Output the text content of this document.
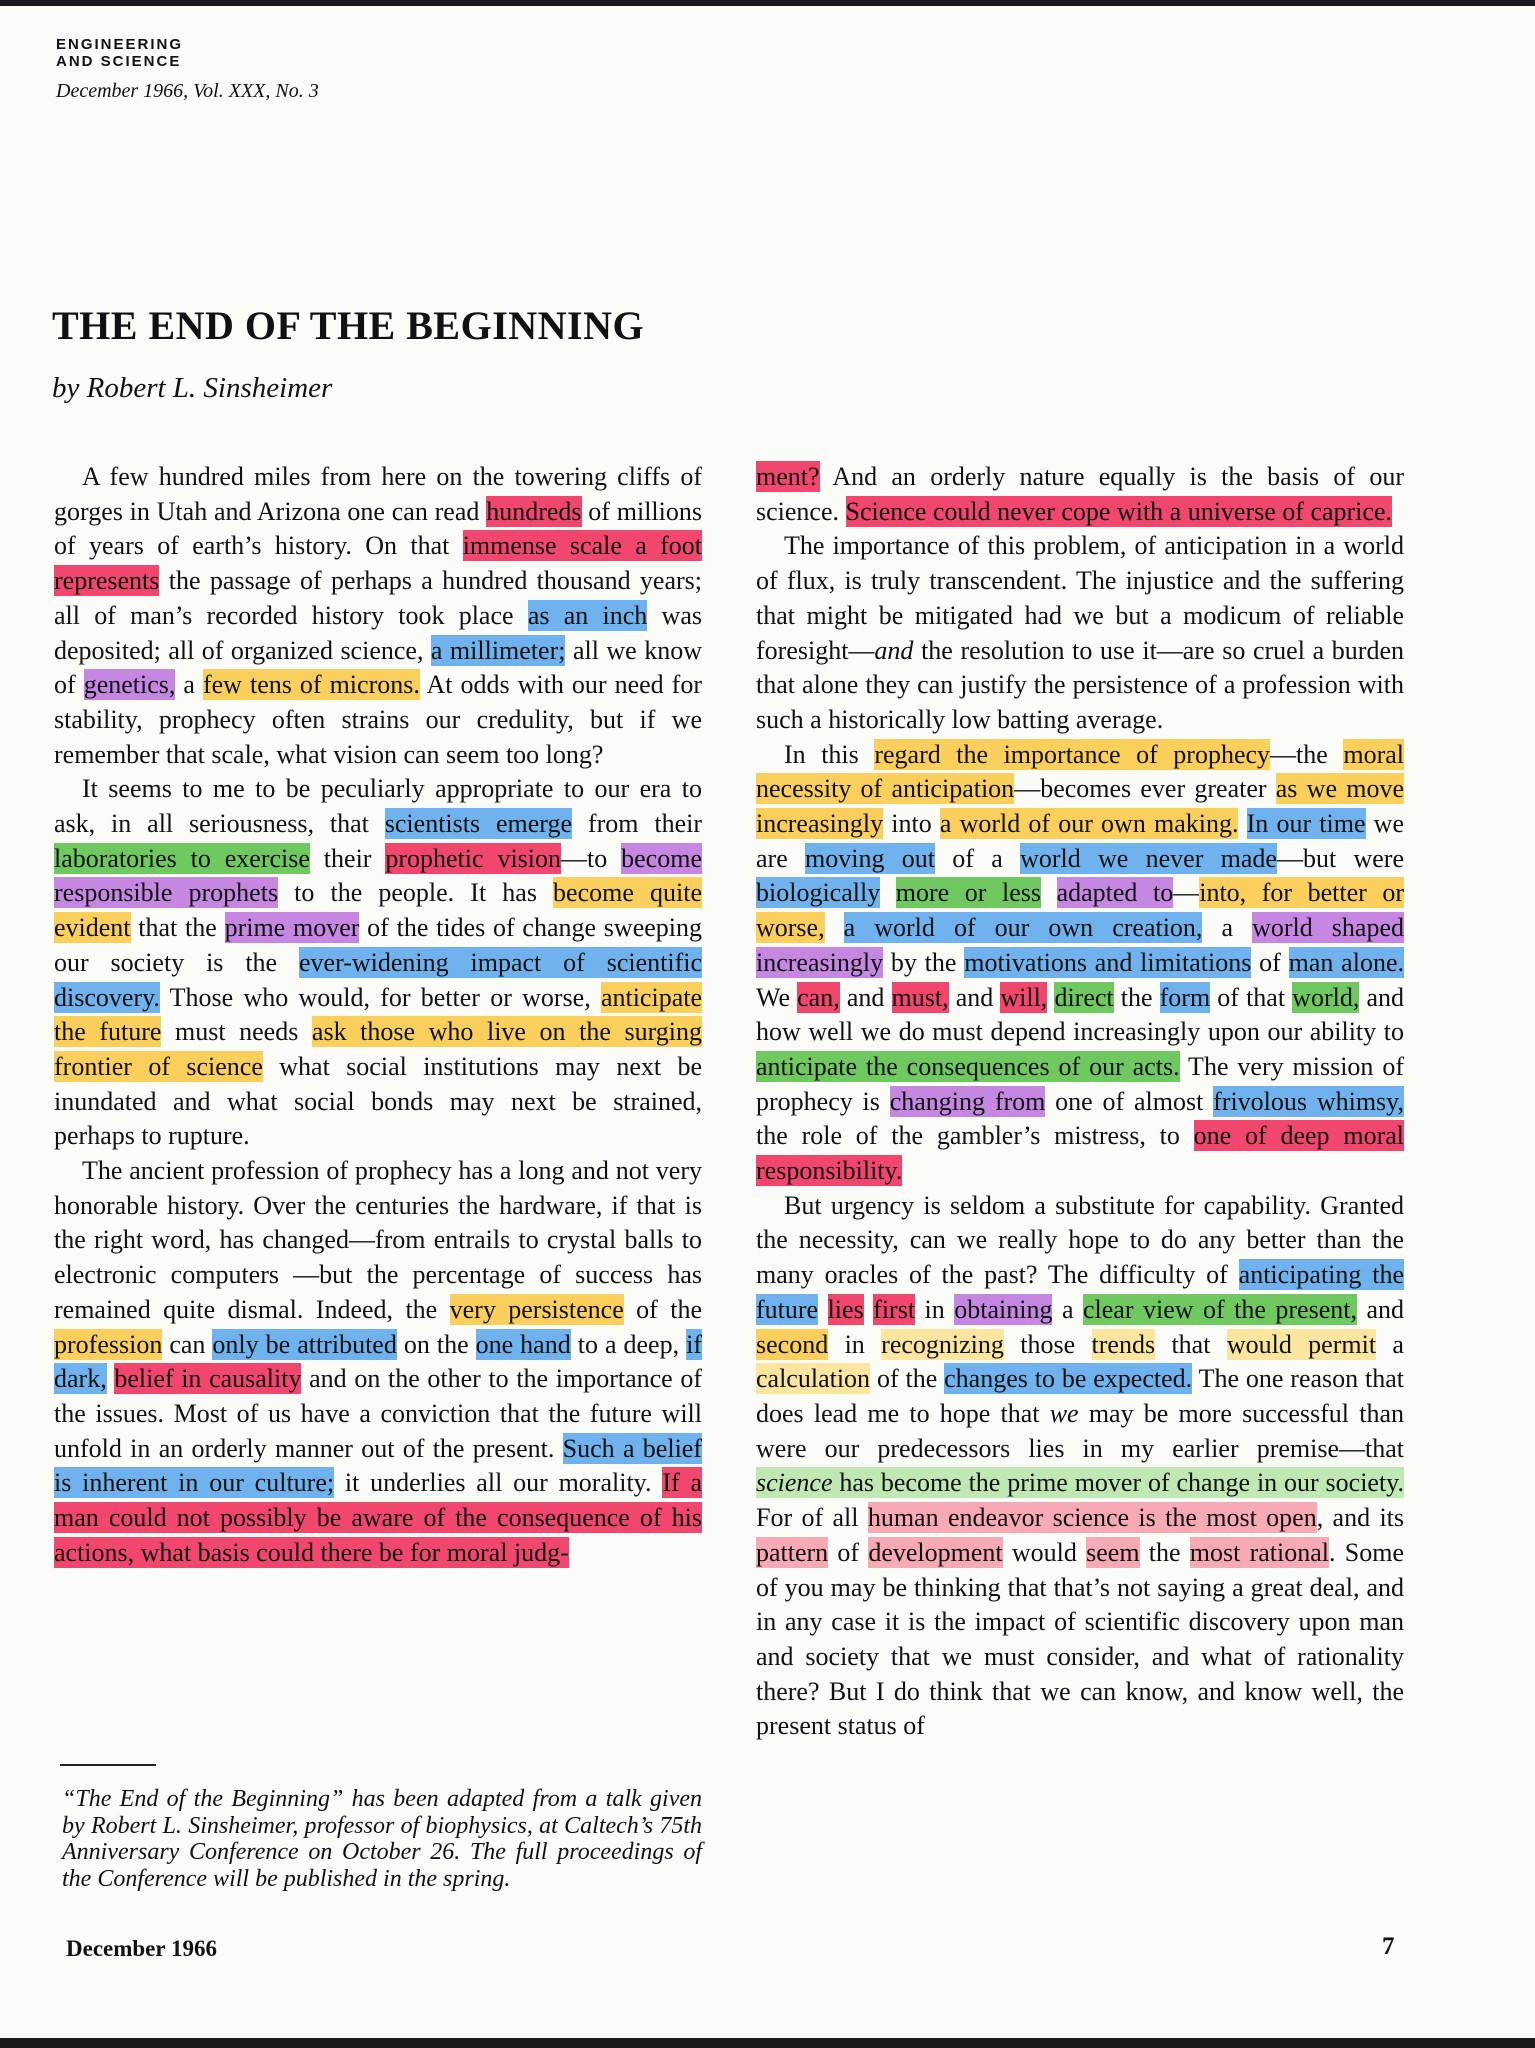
ENGINEERING
AND SCIENCE
December 1966, Vol. XXX, No. 3
THE END OF THE BEGINNING
by Robert L. Sinsheimer

A few hundred miles from here on the towering cliffs of gorges in Utah and Arizona one can read hundreds of millions of years of earth’s history. On that immense scale a foot represents the passage of perhaps a hundred thousand years; all of man’s recorded history took place as an inch was deposited; all of organized science, a millimeter; all we know of genetics, a few tens of microns. At odds with our need for stability, prophecy often strains our credulity, but if we remember that scale, what vision can seem too long?

It seems to me to be peculiarly appropriate to our era to ask, in all seriousness, that scientists emerge from their laboratories to exercise their prophetic vision—to become responsible prophets to the people. It has become quite evident that the prime mover of the tides of change sweeping our society is the ever-widening impact of scientific discovery. Those who would, for better or worse, anticipate the future must needs ask those who live on the surging frontier of science what social institutions may next be inundated and what social bonds may next be strained, perhaps to rupture.

The ancient profession of prophecy has a long and not very honorable history. Over the centuries the hardware, if that is the right word, has changed—from entrails to crystal balls to electronic computers —but the percentage of success has remained quite dismal. Indeed, the very persistence of the profession can only be attributed on the one hand to a deep, if dark, belief in causality and on the other to the importance of the issues. Most of us have a conviction that the future will unfold in an orderly manner out of the present. Such a belief is inherent in our culture; it underlies all our morality. If a man could not possibly be aware of the consequence of his actions, what basis could there be for moral judg-

ment? And an orderly nature equally is the basis of our science. Science could never cope with a universe of caprice.

The importance of this problem, of anticipation in a world of flux, is truly transcendent. The injustice and the suffering that might be mitigated had we but a modicum of reliable foresight—and the resolution to use it—are so cruel a burden that alone they can justify the persistence of a profession with such a historically low batting average.

In this regard the importance of prophecy—the moral necessity of anticipation—becomes ever greater as we move increasingly into a world of our own making. In our time we are moving out of a world we never made—but were biologically more or less adapted to—into, for better or worse, a world of our own creation, a world shaped increasingly by the motivations and limitations of man alone. We can, and must, and will, direct the form of that world, and how well we do must depend increasingly upon our ability to anticipate the consequences of our acts. The very mission of prophecy is changing from one of almost frivolous whimsy, the role of the gambler’s mistress, to one of deep moral responsibility.

But urgency is seldom a substitute for capability. Granted the necessity, can we really hope to do any better than the many oracles of the past? The difficulty of anticipating the future lies first in obtaining a clear view of the present, and second in recognizing those trends that would permit a calculation of the changes to be expected. The one reason that does lead me to hope that we may be more successful than were our predecessors lies in my earlier premise—that science has become the prime mover of change in our society. For of all human endeavor science is the most open, and its pattern of development would seem the most rational. Some of you may be thinking that that’s not saying a great deal, and in any case it is the impact of scientific discovery upon man and society that we must consider, and what of rationality there? But I do think that we can know, and know well, the present status of

“The End of the Beginning” has been adapted from a talk given by Robert L. Sinsheimer, professor of biophysics, at Caltech’s 75th Anniversary Conference on October 26. The full proceedings of the Conference will be published in the spring.
December 1966	7
